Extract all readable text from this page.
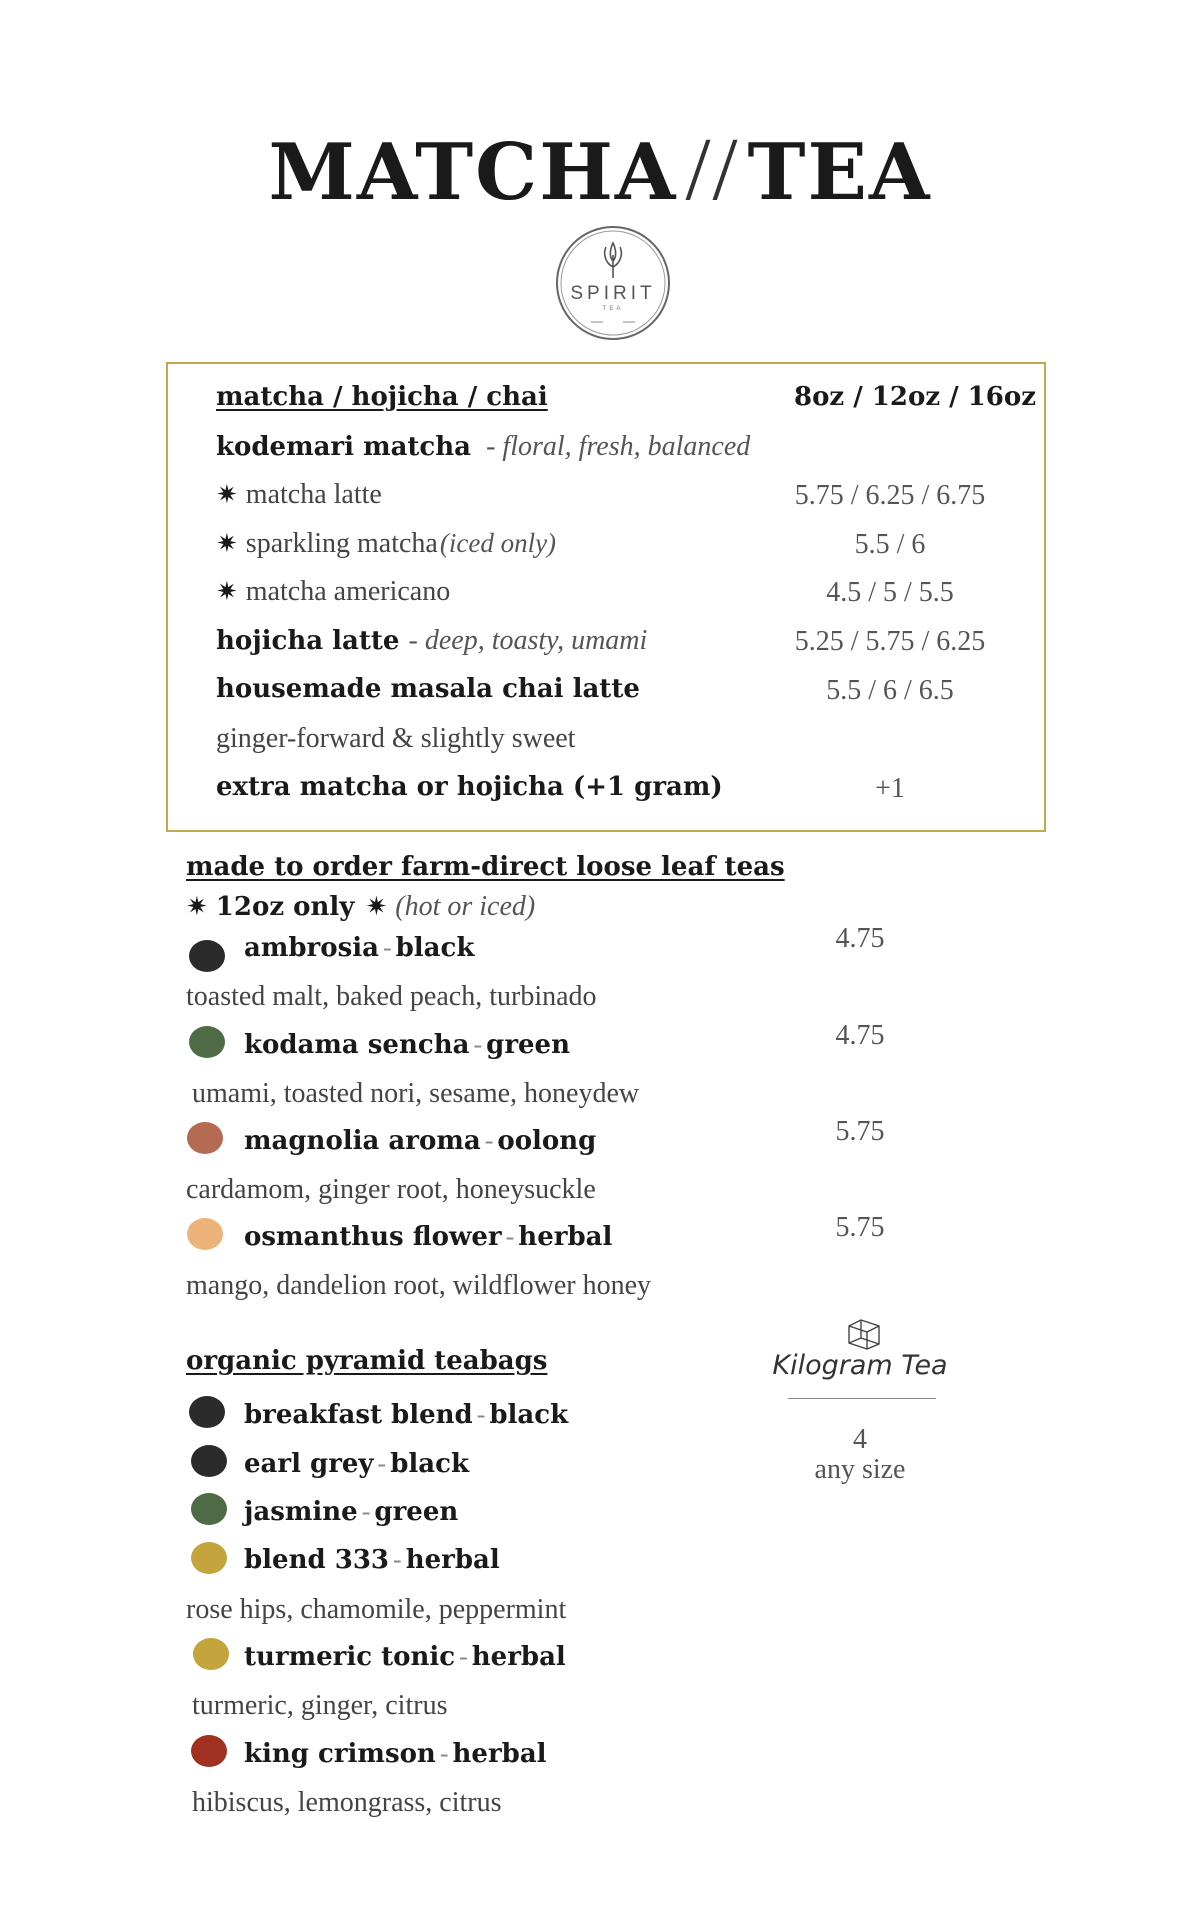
MATCHA// TEA
SPIRIT
TEA
matcha / hojicha / chai	8oz / 12oz / 16oz
kodemari matcha - floral, fresh, balanced
✷ matcha latte	5.75 / 6.25 / 6.75
✷ sparkling matcha(iced only)	5.5 / 6
✷ matcha americano	4.5 / 5 / 5.5
hojicha latte - deep, toasty, umami	5.25 / 5.75 / 6.25
housemade masala chai latte	5.5 / 6 / 6.5
ginger-forward & slightly sweet
extra matcha or hojicha (+1 gram)	+1
made to order farm-direct loose leaf teas
✷ 12oz only ✷ (hot or iced)
ambrosia - black	4.75
toasted malt, baked peach, turbinado
kodama sencha - green	4.75
umami, toasted nori, sesame, honeydew
magnolia aroma - oolong	5.75
cardamom, ginger root, honeysuckle
osmanthus flower - herbal	5.75
mango, dandelion root, wildflower honey
organic pyramid teabags	Kilogram Tea
4
any size
breakfast blend - black
earl grey - black
jasmine - green
blend 333 - herbal
rose hips, chamomile, peppermint
turmeric tonic - herbal
turmeric, ginger, citrus
king crimson - herbal
hibiscus, lemongrass, citrus
